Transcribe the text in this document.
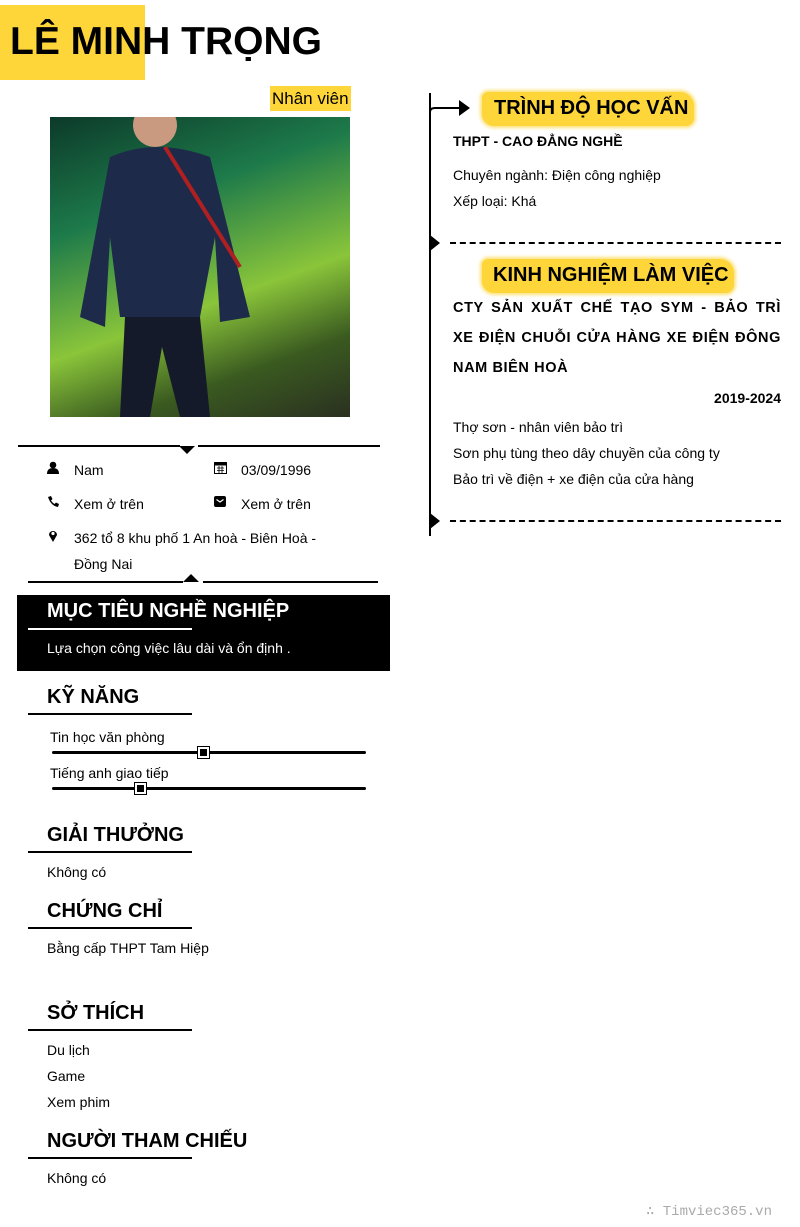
LÊ MINH TRỌNG
Nhân viên
Nam	03/09/1996
Xem ở trên	Xem ở trên
362 tổ 8 khu phố 1 An hoà - Biên Hoà -
Đồng Nai
MỤC TIÊU NGHỀ NGHIỆP
Lựa chọn công việc lâu dài và ổn định .
KỸ NĂNG
Tin học văn phòng
Tiếng anh giao tiếp
GIẢI THƯỞNG
Không có
CHỨNG CHỈ
Bằng cấp THPT Tam Hiệp
SỞ THÍCH
Du lịch
Game
Xem phim
NGƯỜI THAM CHIẾU
Không có
TRÌNH ĐỘ HỌC VẤN
THPT - CAO ĐẲNG NGHỀ
Chuyên ngành: Điện công nghiệp
Xếp loại: Khá
KINH NGHIỆM LÀM VIỆC
CTY SẢN XUẤT CHẾ TẠO SYM - BẢO TRÌ XE ĐIỆN CHUỖI CỬA HÀNG XE ĐIỆN ĐÔNG NAM BIÊN HOÀ
2019-2024
Thợ sơn - nhân viên bảo trì
Sơn phụ tùng theo dây chuyền của công ty
Bảo trì về điện + xe điện của cửa hàng
∴ Timviec365.vn
